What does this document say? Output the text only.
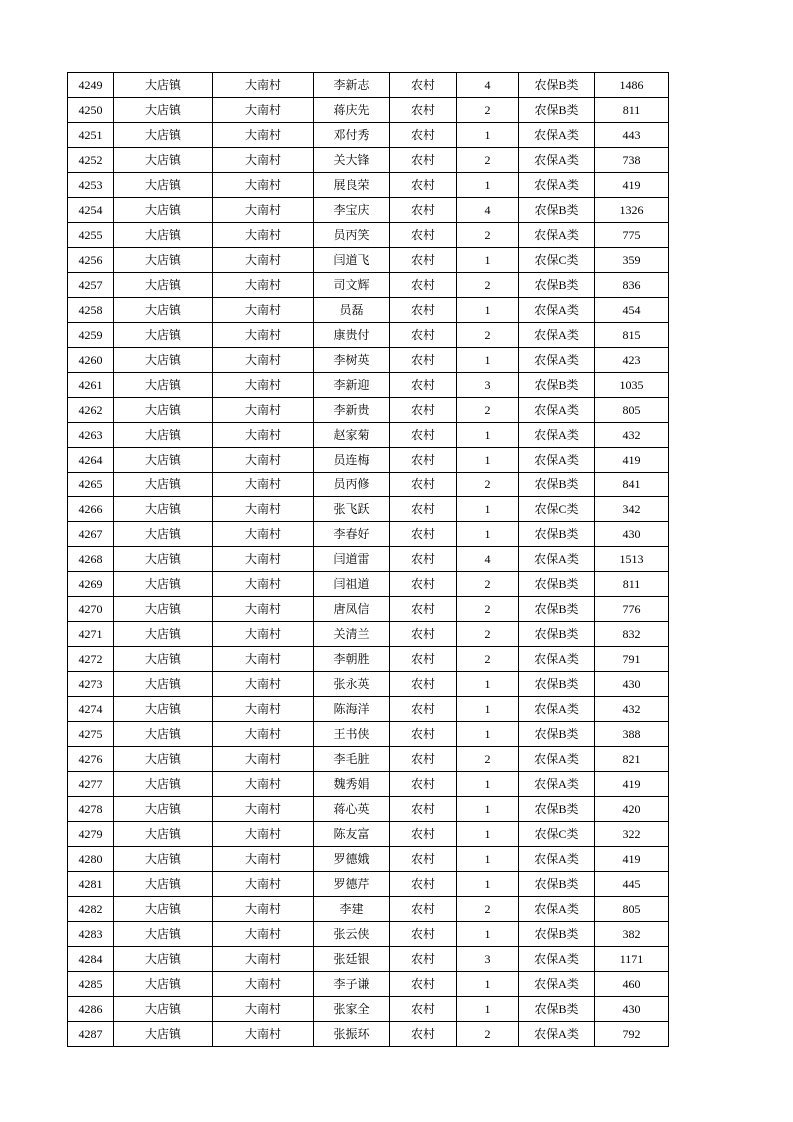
4249	大店镇	大南村	李新志	农村	4	农保B类	1486
4250	大店镇	大南村	蒋庆先	农村	2	农保B类	811
4251	大店镇	大南村	邓付秀	农村	1	农保A类	443
4252	大店镇	大南村	关大锋	农村	2	农保A类	738
4253	大店镇	大南村	展良荣	农村	1	农保A类	419
4254	大店镇	大南村	李宝庆	农村	4	农保B类	1326
4255	大店镇	大南村	员丙笑	农村	2	农保A类	775
4256	大店镇	大南村	闫道飞	农村	1	农保C类	359
4257	大店镇	大南村	司文辉	农村	2	农保B类	836
4258	大店镇	大南村	员磊	农村	1	农保A类	454
4259	大店镇	大南村	康贵付	农村	2	农保A类	815
4260	大店镇	大南村	李树英	农村	1	农保A类	423
4261	大店镇	大南村	李新迎	农村	3	农保B类	1035
4262	大店镇	大南村	李新贵	农村	2	农保A类	805
4263	大店镇	大南村	赵家菊	农村	1	农保A类	432
4264	大店镇	大南村	员连梅	农村	1	农保A类	419
4265	大店镇	大南村	员丙修	农村	2	农保B类	841
4266	大店镇	大南村	张飞跃	农村	1	农保C类	342
4267	大店镇	大南村	李春好	农村	1	农保B类	430
4268	大店镇	大南村	闫道雷	农村	4	农保A类	1513
4269	大店镇	大南村	闫祖道	农村	2	农保B类	811
4270	大店镇	大南村	唐凤信	农村	2	农保B类	776
4271	大店镇	大南村	关清兰	农村	2	农保B类	832
4272	大店镇	大南村	李朝胜	农村	2	农保A类	791
4273	大店镇	大南村	张永英	农村	1	农保B类	430
4274	大店镇	大南村	陈海洋	农村	1	农保A类	432
4275	大店镇	大南村	王书侠	农村	1	农保B类	388
4276	大店镇	大南村	李毛脏	农村	2	农保A类	821
4277	大店镇	大南村	魏秀娟	农村	1	农保A类	419
4278	大店镇	大南村	蒋心英	农村	1	农保B类	420
4279	大店镇	大南村	陈友富	农村	1	农保C类	322
4280	大店镇	大南村	罗德娥	农村	1	农保A类	419
4281	大店镇	大南村	罗德芹	农村	1	农保B类	445
4282	大店镇	大南村	李建	农村	2	农保A类	805
4283	大店镇	大南村	张云侠	农村	1	农保B类	382
4284	大店镇	大南村	张廷银	农村	3	农保A类	1171
4285	大店镇	大南村	李子谦	农村	1	农保A类	460
4286	大店镇	大南村	张家全	农村	1	农保B类	430
4287	大店镇	大南村	张振环	农村	2	农保A类	792
